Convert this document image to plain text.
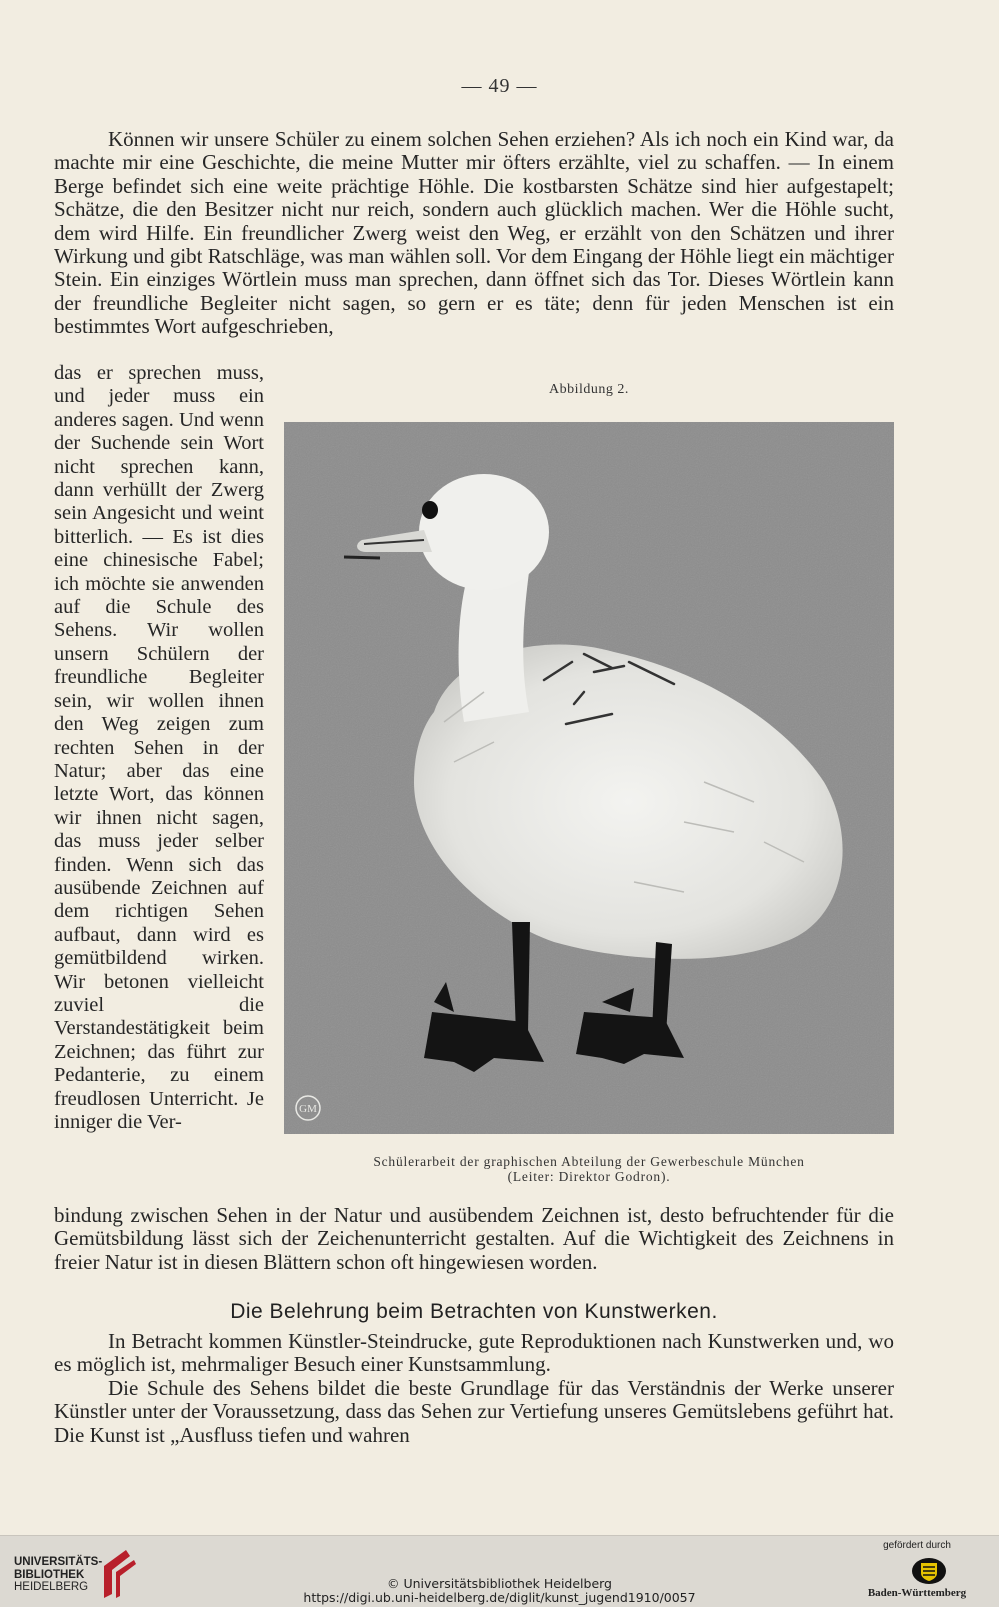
— 49 —

Können wir unsere Schüler zu einem solchen Sehen erziehen? Als ich noch ein Kind war, da machte mir eine Geschichte, die meine Mutter mir öfters erzählte, viel zu schaffen. — In einem Berge befindet sich eine weite prächtige Höhle. Die kostbarsten Schätze sind hier aufgestapelt; Schätze, die den Besitzer nicht nur reich, sondern auch glücklich machen. Wer die Höhle sucht, dem wird Hilfe. Ein freundlicher Zwerg weist den Weg, er erzählt von den Schätzen und ihrer Wirkung und gibt Ratschläge, was man wählen soll. Vor dem Eingang der Höhle liegt ein mächtiger Stein. Ein einziges Wörtlein muss man sprechen, dann öffnet sich das Tor. Dieses Wörtlein kann der freundliche Begleiter nicht sagen, so gern er es täte; denn für jeden Menschen ist ein bestimmtes Wort aufgeschrieben,

das er sprechen muss, und jeder muss ein anderes sagen. Und wenn der Suchende sein Wort nicht sprechen kann, dann verhüllt der Zwerg sein Angesicht und weint bitterlich. — Es ist dies eine chinesische Fabel; ich möchte sie anwenden auf die Schule des Sehens. Wir wollen unsern Schülern der freundliche Begleiter sein, wir wollen ihnen den Weg zeigen zum rechten Sehen in der Natur; aber das eine letzte Wort, das können wir ihnen nicht sagen, das muss jeder selber finden. Wenn sich das ausübende Zeichnen auf dem richtigen Sehen aufbaut, dann wird es gemütbildend wirken. Wir betonen vielleicht zuviel die Verstandestätigkeit beim Zeichnen; das führt zur Pedanterie, zu einem freudlosen Unterricht. Je inniger die Ver-

Abbildung 2.
GM
Schülerarbeit der graphischen Abteilung der Gewerbeschule München
(Leiter: Direktor Godron).

bindung zwischen Sehen in der Natur und ausübendem Zeichnen ist, desto befruchtender für die Gemütsbildung lässt sich der Zeichenunterricht gestalten. Auf die Wichtigkeit des Zeichnens in freier Natur ist in diesen Blättern schon oft hingewiesen worden.

Die Belehrung beim Betrachten von Kunstwerken.

In Betracht kommen Künstler-Steindrucke, gute Reproduktionen nach Kunstwerken und, wo es möglich ist, mehrmaliger Besuch einer Kunstsammlung.

Die Schule des Sehens bildet die beste Grundlage für das Verständnis der Werke unserer Künstler unter der Voraussetzung, dass das Sehen zur Vertiefung unseres Gemütslebens geführt hat. Die Kunst ist „Ausfluss tiefen und wahren

UNIVERSITÄTS-
BIBLIOTHEK
HEIDELBERG	© Universitätsbibliothek Heidelberg
https://digi.ub.uni-heidelberg.de/diglit/kunst_jugend1910/0057
gefördert durch
Baden-Württemberg
